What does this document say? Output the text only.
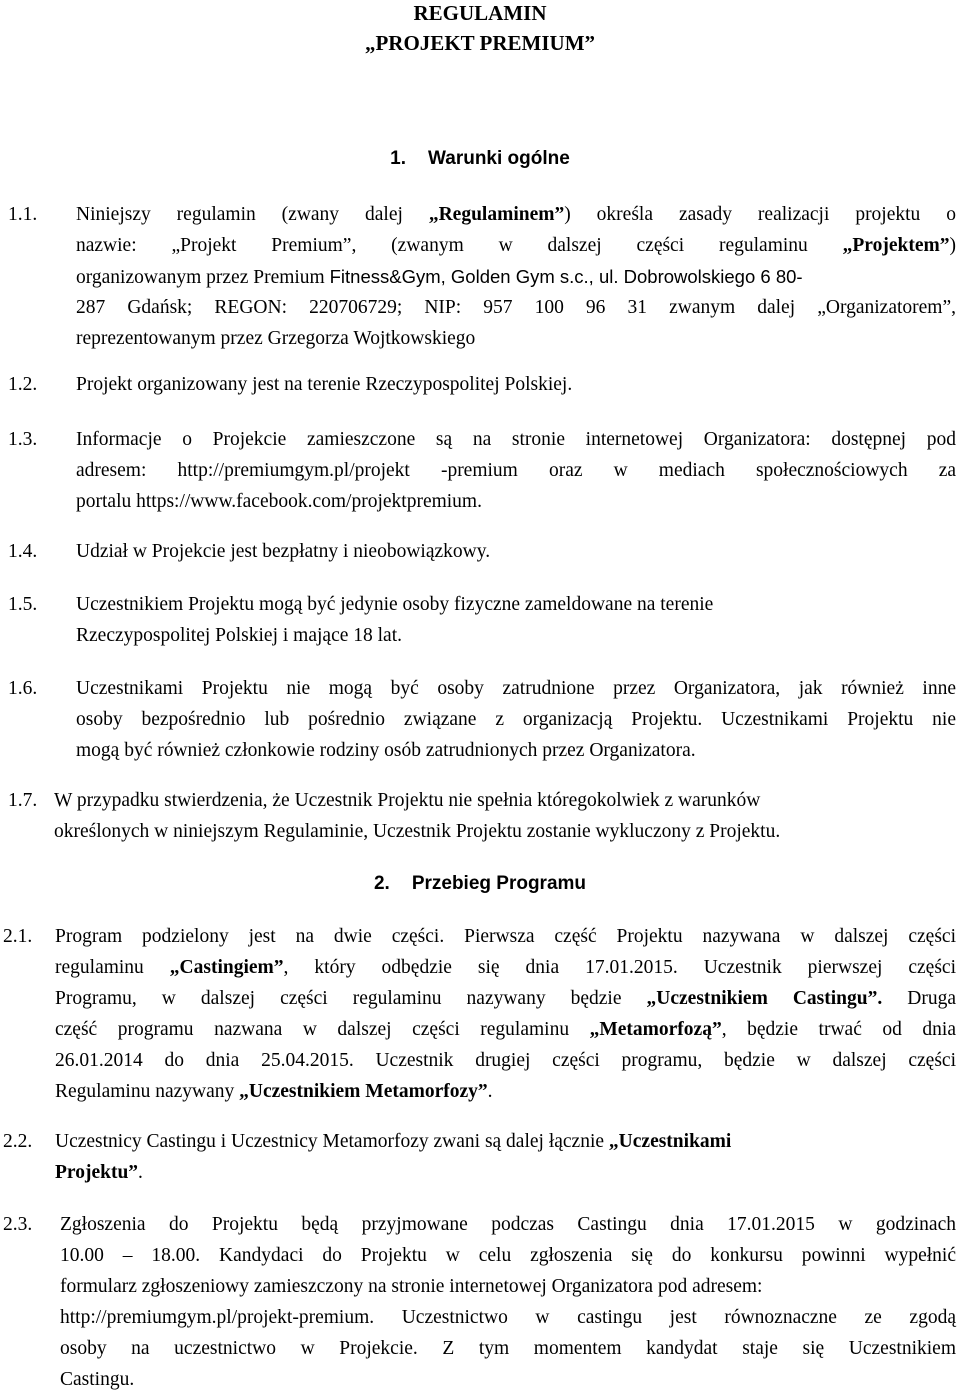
REGULAMIN
„PROJEKT PREMIUM”
1. Warunki ogólne
1.1. Niniejszy regulamin (zwany dalej „Regulaminem”) określa zasady realizacji projektu o
nazwie: „Projekt Premium”, (zwanym w dalszej części regulaminu „Projektem”)
organizowanym przez Premium Fitness&Gym, Golden Gym s.c., ul. Dobrowolskiego 6 80-
287 Gdańsk; REGON: 220706729; NIP: 957 100 96 31 zwanym dalej „Organizatorem”,
reprezentowanym przez Grzegorza Wojtkowskiego
1.2. Projekt organizowany jest na terenie Rzeczypospolitej Polskiej.
1.3. Informacje o Projekcie zamieszczone są na stronie internetowej Organizatora: dostępnej pod
adresem: http://premiumgym.pl/projekt -premium oraz w mediach społecznościowych za
portalu https://www.facebook.com/projektpremium.
1.4. Udział w Projekcie jest bezpłatny i nieobowiązkowy.
1.5. Uczestnikiem Projektu mogą być jedynie osoby fizyczne zameldowane na terenie
Rzeczypospolitej Polskiej i mające 18 lat.
1.6. Uczestnikami Projektu nie mogą być osoby zatrudnione przez Organizatora, jak również inne
osoby bezpośrednio lub pośrednio związane z organizacją Projektu. Uczestnikami Projektu nie
mogą być również członkowie rodziny osób zatrudnionych przez Organizatora.
1.7. W przypadku stwierdzenia, że Uczestnik Projektu nie spełnia któregokolwiek z warunków
określonych w niniejszym Regulaminie, Uczestnik Projektu zostanie wykluczony z Projektu.
2. Przebieg Programu
2.1. Program podzielony jest na dwie części. Pierwsza część Projektu nazywana w dalszej części
regulaminu „Castingiem”, który odbędzie się dnia 17.01.2015. Uczestnik pierwszej części
Programu, w dalszej części regulaminu nazywany będzie „Uczestnikiem Castingu”. Druga
część programu nazwana w dalszej części regulaminu „Metamorfozą”, będzie trwać od dnia
26.01.2014 do dnia 25.04.2015. Uczestnik drugiej części programu, będzie w dalszej części
Regulaminu nazywany „Uczestnikiem Metamorfozy”.
2.2. Uczestnicy Castingu i Uczestnicy Metamorfozy zwani są dalej łącznie „Uczestnikami
Projektu”.
2.3. Zgłoszenia do Projektu będą przyjmowane podczas Castingu dnia 17.01.2015 w godzinach
10.00 – 18.00. Kandydaci do Projektu w celu zgłoszenia się do konkursu powinni wypełnić
formularz zgłoszeniowy zamieszczony na stronie internetowej Organizatora pod adresem:
http://premiumgym.pl/projekt-premium. Uczestnictwo w castingu jest równoznaczne ze zgodą
osoby na uczestnictwo w Projekcie. Z tym momentem kandydat staje się Uczestnikiem
Castingu.
